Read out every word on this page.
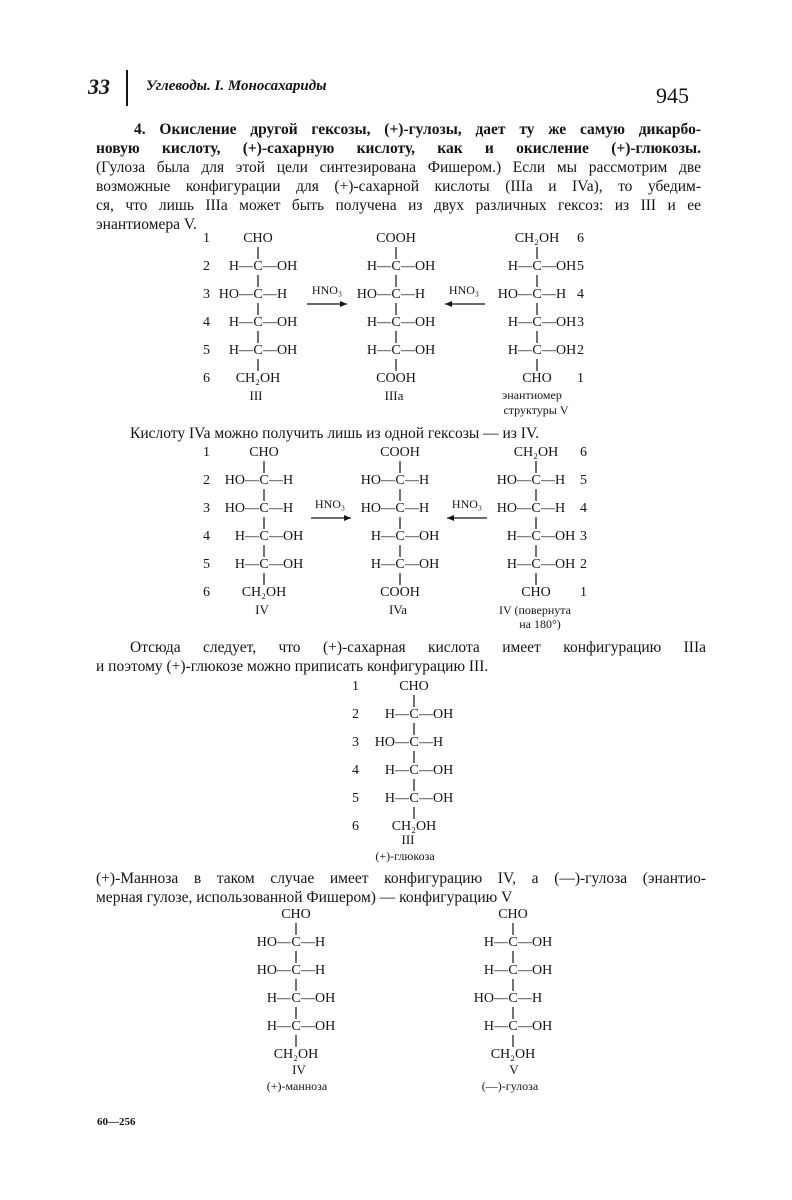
33 Углеводы. I. Моносахариды	945

4. Окисление другой гексозы, (+)-гулозы, дает ту же самую дикарбо-

новую кислоту, (+)-сахарную кислоту, как и окисление (+)-глюкозы.

(Гулоза была для этой цели синтезирована Фишером.) Если мы рассмотрим две

возможные конфигурации для (+)-сахарной кислоты (IIIa и IVa), то убедим-

ся, что лишь IIIa может быть получена из двух различных гексоз: из III и ее

энантиомера V.

Кислоту IVa можно получить лишь из одной гексозы — из IV.

Отсюда следует, что (+)-сахарная кислота имеет конфигурацию IIIa

и поэтому (+)-глюкозе можно приписать конфигурацию III.

(+)-Манноза в таком случае имеет конфигурацию IV, а (—)-гулоза (энантио-

мерная гулозе, использованной Фишером) — конфигурацию V

60—256
1
2
3
4
5
6
CHO
H— C —OH
HO— C —H
H— C —OH
H— C —OH
CH₂OH
COOH
H— C —OH
HO— C —H
H— C —OH
H— C —OH
COOH
CH₂OH
H— C —OH
HO— C —H
H— C —OH
H— C —OH
CHO
6
5
4
3
2
1
HNO₃	HNO₃
III	IIIa	энантиомер
структуры V
1
2
3
4
5
6
CHO
HO— C —H
HO— C —H
H— C —OH
H— C —OH
CH₂OH
COOH
HO— C —H
HO— C —H
H— C —OH
H— C —OH
COOH
CH₂OH
HO— C —H
HO— C —H
H— C —OH
H— C —OH
CHO
6
5
4
3
2
1
HNO₃	HNO₃
IV	IVa	IV (повернута
на 180°)
1
2
3
4
5
6
CHO
H— C —OH
HO— C —H
H— C —OH
H— C —OH
CH₂OH
III
(+)-глюкоза
CHO
HO— C —H
HO— C —H
H— C —OH
H— C —OH
CH₂OH
CHO
H— C —OH
H— C —OH
HO— C —H
H— C —OH
CH₂OH
IV
(+)-манноза
V
(—)-гулоза
